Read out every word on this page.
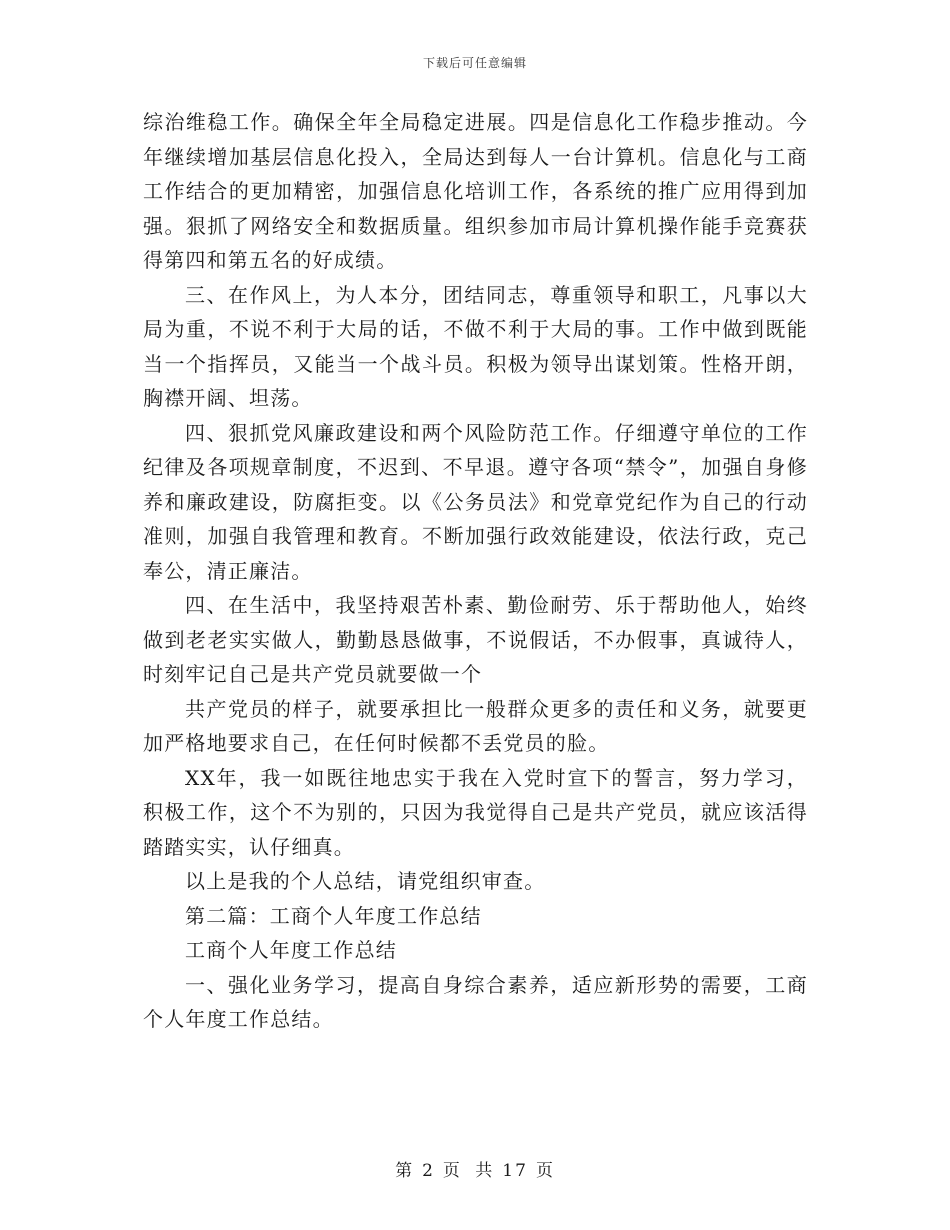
下载后可任意编辑

综治维稳工作。确保全年全局稳定进展。四是信息化工作稳步推动。今年继续增加基层信息化投入，全局达到每人一台计算机。信息化与工商工作结合的更加精密，加强信息化培训工作，各系统的推广应用得到加强。狠抓了网络安全和数据质量。组织参加市局计算机操作能手竞赛获得第四和第五名的好成绩。

三、在作风上，为人本分，团结同志，尊重领导和职工，凡事以大局为重，不说不利于大局的话，不做不利于大局的事。工作中做到既能当一个指挥员，又能当一个战斗员。积极为领导出谋划策。性格开朗，胸襟开阔、坦荡。

四、狠抓党风廉政建设和两个风险防范工作。仔细遵守单位的工作纪律及各项规章制度，不迟到、不早退。遵守各项“禁令”，加强自身修养和廉政建设，防腐拒变。以《公务员法》和党章党纪作为自己的行动准则，加强自我管理和教育。不断加强行政效能建设，依法行政，克己奉公，清正廉洁。

四、在生活中，我坚持艰苦朴素、勤俭耐劳、乐于帮助他人，始终做到老老实实做人，勤勤恳恳做事，不说假话，不办假事，真诚待人，时刻牢记自己是共产党员就要做一个

共产党员的样子，就要承担比一般群众更多的责任和义务，就要更加严格地要求自己，在任何时候都不丢党员的脸。

XX年，我一如既往地忠实于我在入党时宣下的誓言，努力学习，积极工作，这个不为别的，只因为我觉得自己是共产党员，就应该活得踏踏实实，认仔细真。

以上是我的个人总结，请党组织审查。

第二篇：工商个人年度工作总结

工商个人年度工作总结

一、强化业务学习，提高自身综合素养，适应新形势的需要，工商个人年度工作总结。

第 2 页 共 17 页
